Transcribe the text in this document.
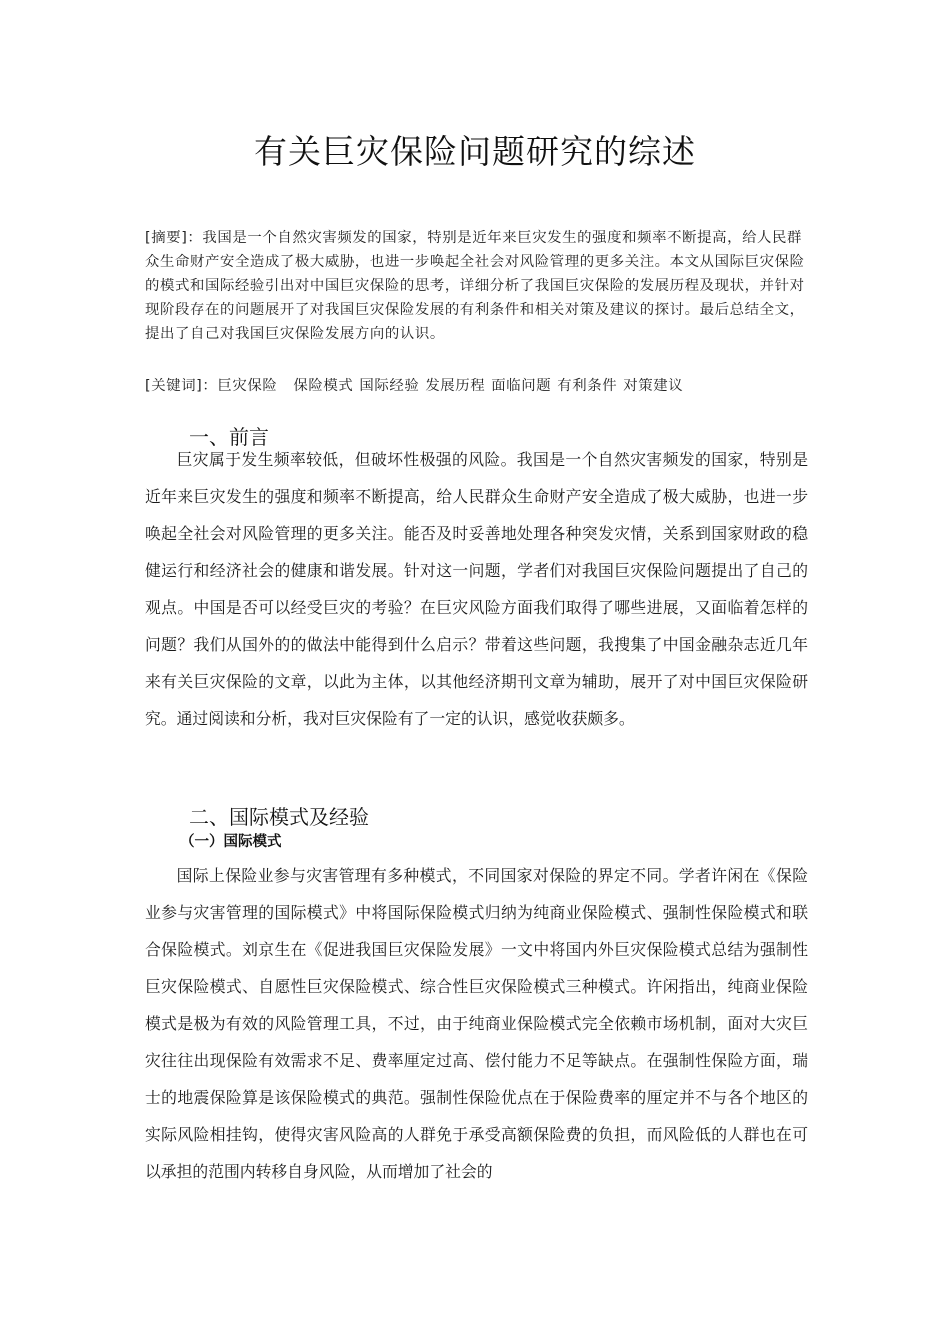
有关巨灾保险问题研究的综述
[摘要]：我国是一个自然灾害频发的国家，特别是近年来巨灾发生的强度和频率不断提高，给人民群众生命财产安全造成了极大威胁，也进一步唤起全社会对风险管理的更多关注。本文从国际巨灾保险的模式和国际经验引出对中国巨灾保险的思考，详细分析了我国巨灾保险的发展历程及现状，并针对现阶段存在的问题展开了对我国巨灾保险发展的有利条件和相关对策及建议的探讨。最后总结全文，提出了自己对我国巨灾保险发展方向的认识。
[关键词]：巨灾保险 保险模式 国际经验 发展历程 面临问题 有利条件 对策建议
一、前言

巨灾属于发生频率较低，但破坏性极强的风险。我国是一个自然灾害频发的国家，特别是近年来巨灾发生的强度和频率不断提高，给人民群众生命财产安全造成了极大威胁，也进一步唤起全社会对风险管理的更多关注。能否及时妥善地处理各种突发灾情，关系到国家财政的稳健运行和经济社会的健康和谐发展。针对这一问题，学者们对我国巨灾保险问题提出了自己的观点。中国是否可以经受巨灾的考验？在巨灾风险方面我们取得了哪些进展，又面临着怎样的问题？我们从国外的的做法中能得到什么启示？带着这些问题，我搜集了中国金融杂志近几年来有关巨灾保险的文章，以此为主体，以其他经济期刊文章为辅助，展开了对中国巨灾保险研究。通过阅读和分析，我对巨灾保险有了一定的认识，感觉收获颇多。

二、国际模式及经验
（一）国际模式

国际上保险业参与灾害管理有多种模式，不同国家对保险的界定不同。学者许闲在《保险业参与灾害管理的国际模式》中将国际保险模式归纳为纯商业保险模式、强制性保险模式和联合保险模式。刘京生在《促进我国巨灾保险发展》一文中将国内外巨灾保险模式总结为强制性巨灾保险模式、自愿性巨灾保险模式、综合性巨灾保险模式三种模式。许闲指出，纯商业保险模式是极为有效的风险管理工具，不过，由于纯商业保险模式完全依赖市场机制，面对大灾巨灾往往出现保险有效需求不足、费率厘定过高、偿付能力不足等缺点。在强制性保险方面，瑞士的地震保险算是该保险模式的典范。强制性保险优点在于保险费率的厘定并不与各个地区的实际风险相挂钩，使得灾害风险高的人群免于承受高额保险费的负担，而风险低的人群也在可以承担的范围内转移自身风险，从而增加了社会的
